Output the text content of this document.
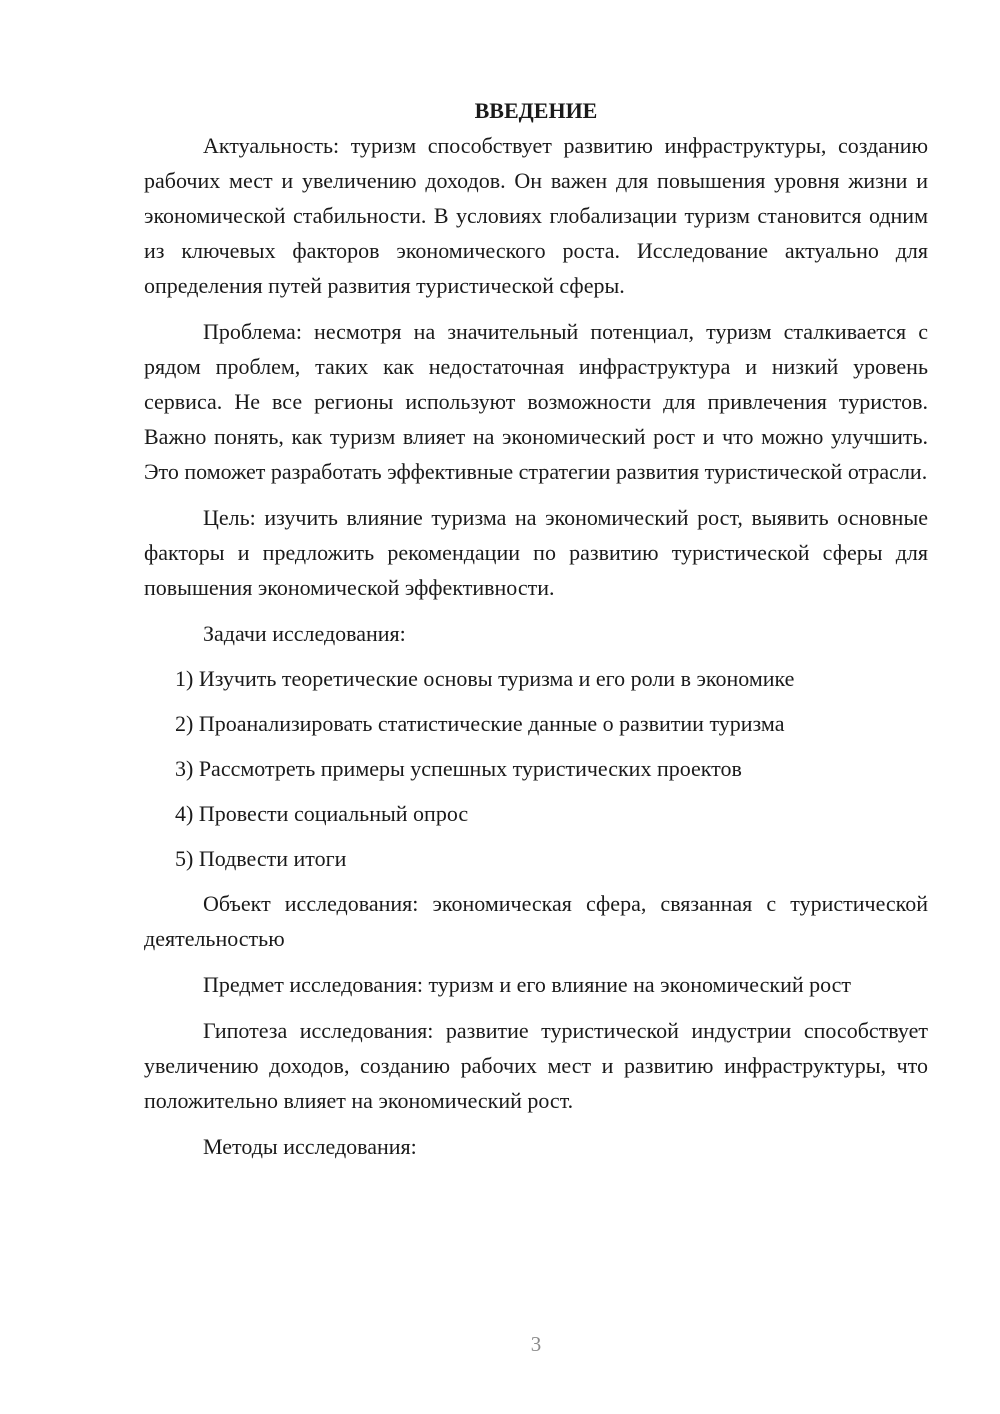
ВВЕДЕНИЕ

Актуальность: туризм способствует развитию инфраструктуры, созданию рабочих мест и увеличению доходов. Он важен для повышения уровня жизни и экономической стабильности. В условиях глобализации туризм становится одним из ключевых факторов экономического роста. Исследование актуально для определения путей развития туристической сферы.

Проблема: несмотря на значительный потенциал, туризм сталкивается с рядом проблем, таких как недостаточная инфраструктура и низкий уровень сервиса. Не все регионы используют возможности для привлечения туристов. Важно понять, как туризм влияет на экономический рост и что можно улучшить. Это поможет разработать эффективные стратегии развития туристической отрасли.

Цель: изучить влияние туризма на экономический рост, выявить основные факторы и предложить рекомендации по развитию туристической сферы для повышения экономической эффективности.

Задачи исследования:

1) Изучить теоретические основы туризма и его роли в экономике
2) Проанализировать статистические данные о развитии туризма
3) Рассмотреть примеры успешных туристических проектов
4) Провести социальный опрос
5) Подвести итоги

Объект исследования: экономическая сфера, связанная с туристической деятельностью

Предмет исследования: туризм и его влияние на экономический рост

Гипотеза исследования: развитие туристической индустрии способствует увеличению доходов, созданию рабочих мест и развитию инфраструктуры, что положительно влияет на экономический рост.

Методы исследования:

3
